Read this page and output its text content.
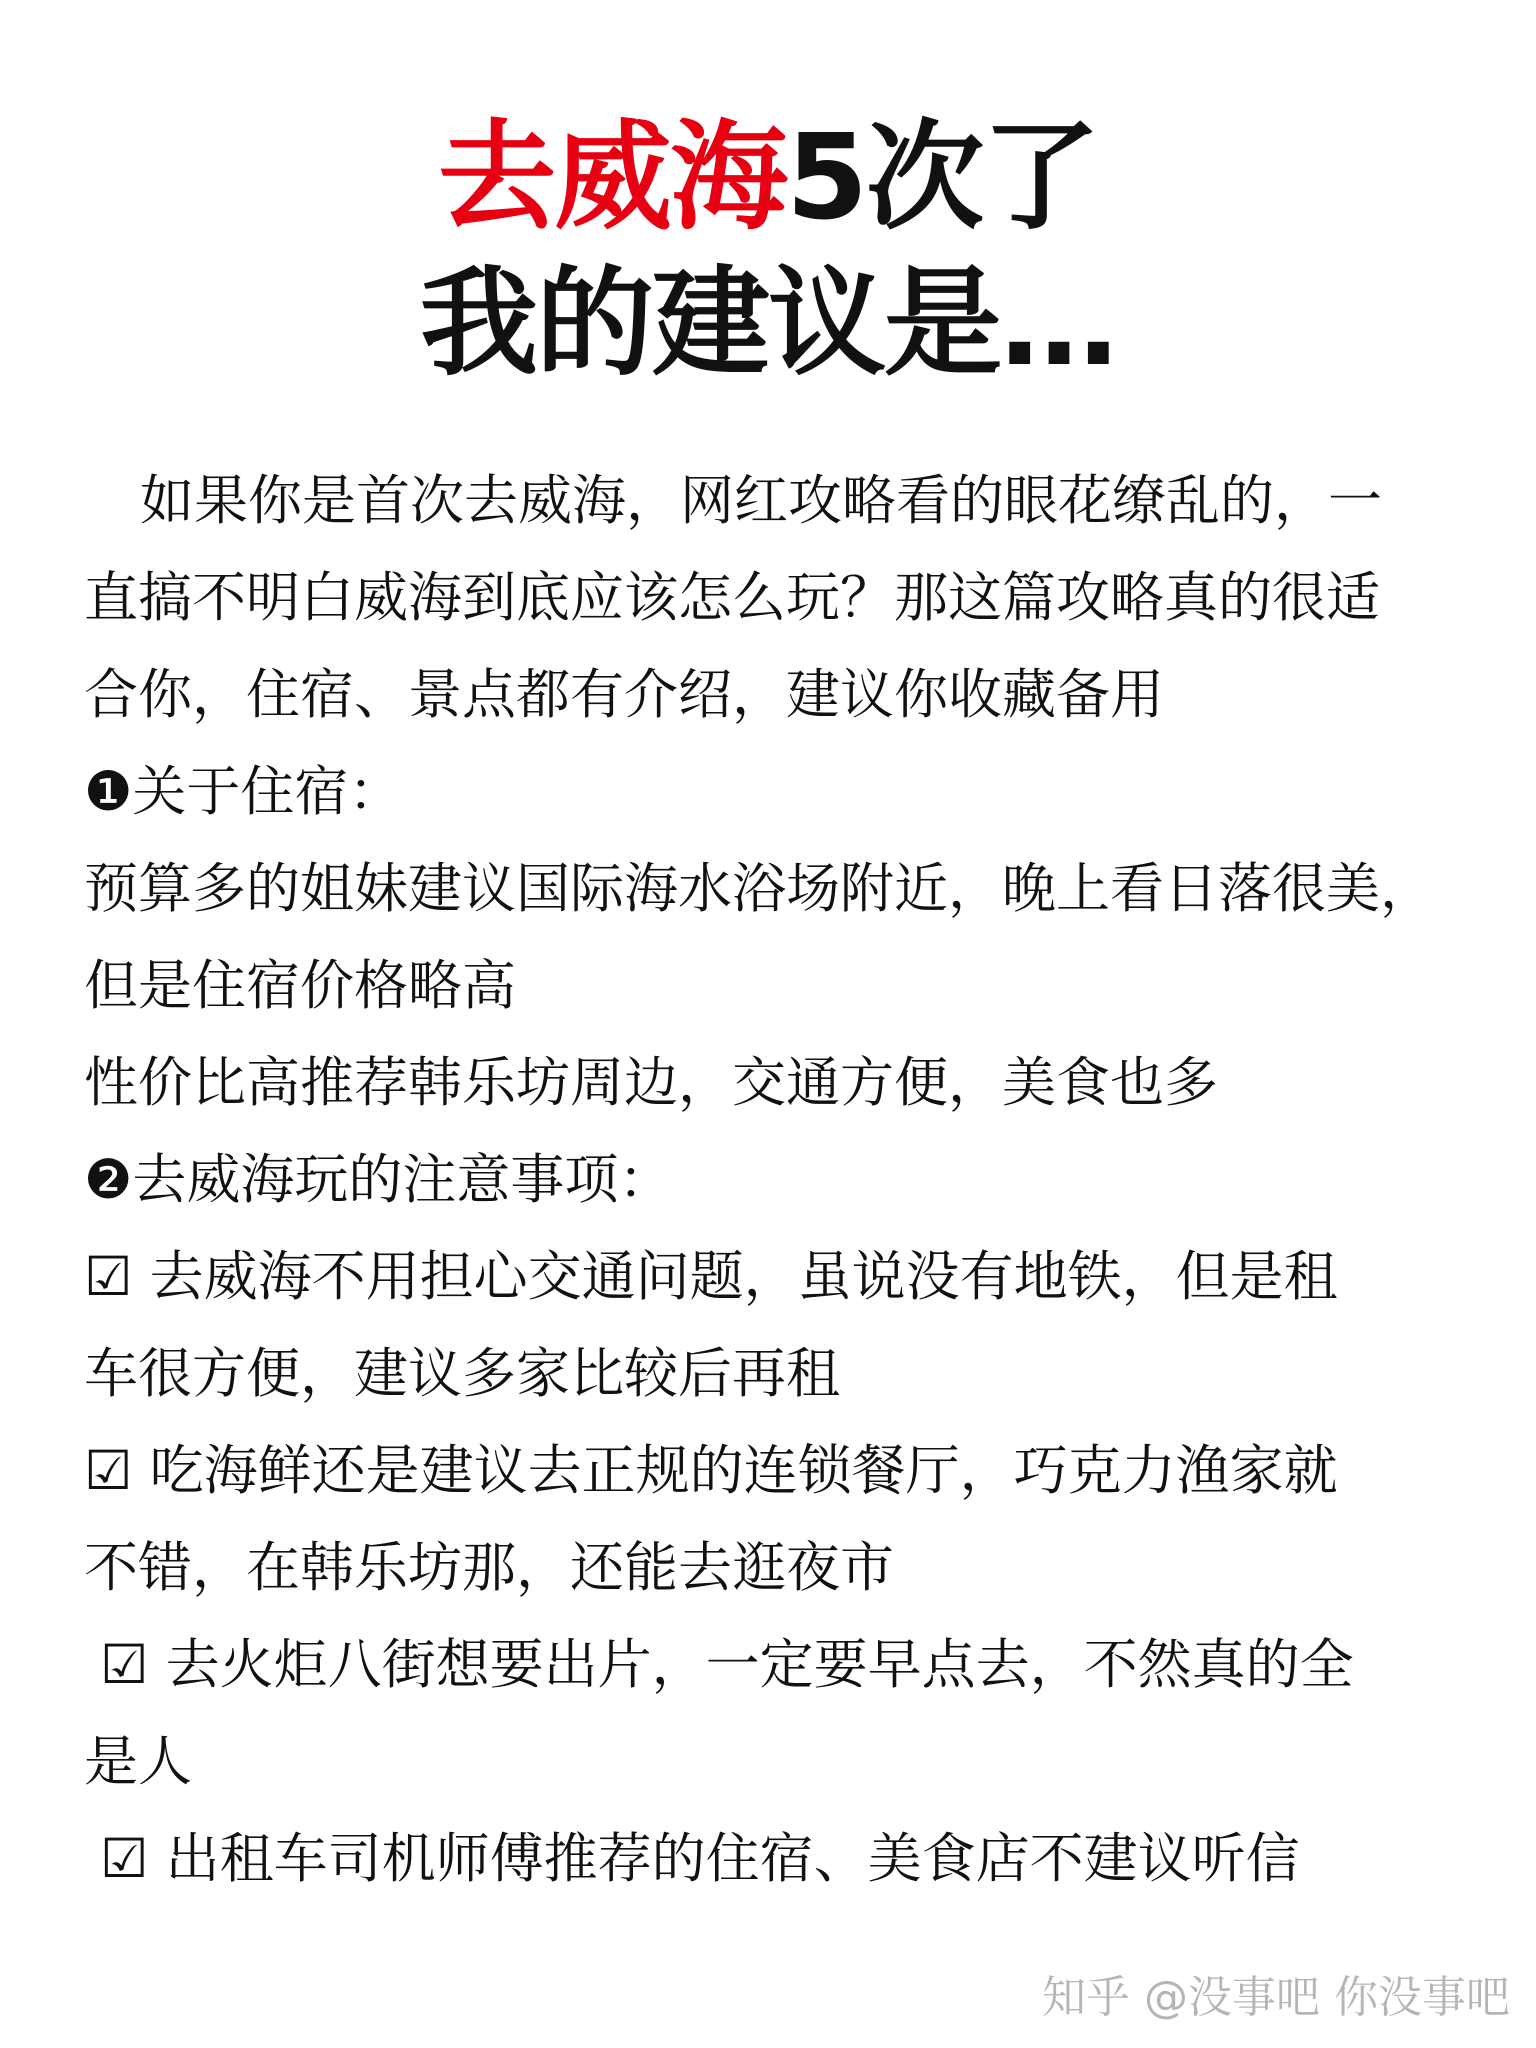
去威海5次了
我的建议是…
如果你是首次去威海，网红攻略看的眼花缭乱的，一
直搞不明白威海到底应该怎么玩？那这篇攻略真的很适
合你，住宿、景点都有介绍，建议你收藏备用
❶关于住宿：
预算多的姐妹建议国际海水浴场附近，晚上看日落很美，
但是住宿价格略高
性价比高推荐韩乐坊周边，交通方便，美食也多
❷去威海玩的注意事项：
☑ 去威海不用担心交通问题，虽说没有地铁，但是租
车很方便，建议多家比较后再租
☑ 吃海鲜还是建议去正规的连锁餐厅，巧克力渔家就
不错，在韩乐坊那，还能去逛夜市
☑ 去火炬八街想要出片，一定要早点去，不然真的全
是人
☑ 出租车司机师傅推荐的住宿、美食店不建议听信
知乎 @没事吧 你没事吧
